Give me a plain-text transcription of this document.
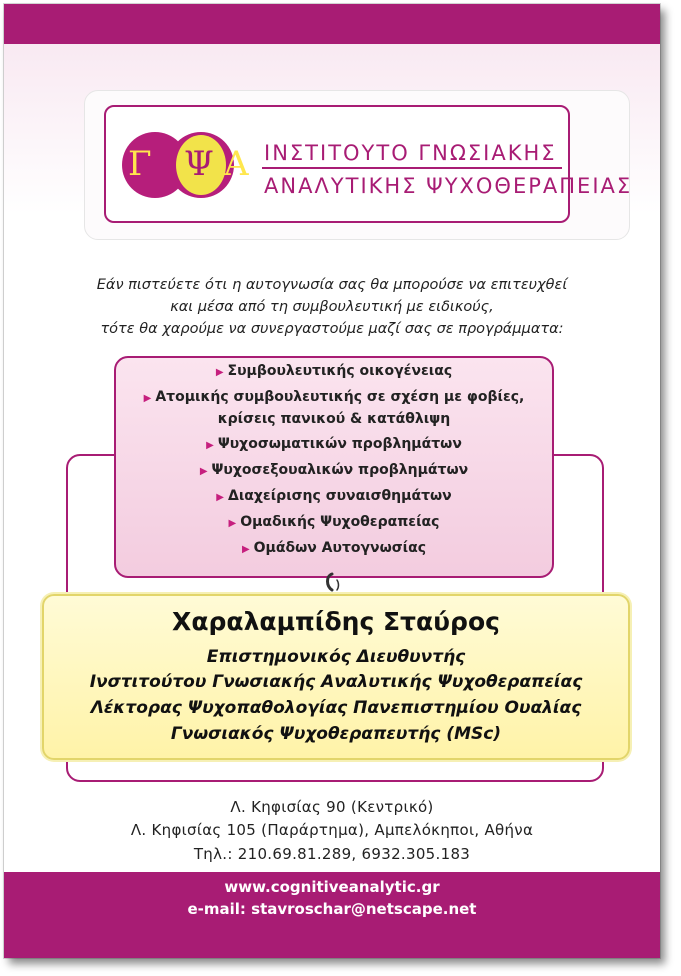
Γ Ψ Α ΙΝΣΤΙΤΟΥΤΟ ΓΝΩΣΙΑΚΗΣ
ΑΝΑΛΥΤΙΚΗΣ ΨΥΧΟΘΕΡΑΠΕΙΑΣ
Εάν πιστεύετε ότι η αυτογνωσία σας θα μπορούσε να επιτευχθεί
και μέσα από τη συμβουλευτική με ειδικούς,
τότε θα χαρούμε να συνεργαστούμε μαζί σας σε προγράμματα:
▶ Συμβουλευτικής οικογένειας
▶ Ατομικής συμβουλευτικής σε σχέση με φοβίες,
κρίσεις πανικού & κατάθλιψη
▶ Ψυχοσωματικών προβλημάτων
▶ Ψυχοσεξουαλικών προβλημάτων
▶ Διαχείρισης συναισθημάτων
▶ Ομαδικής Ψυχοθεραπείας
▶ Ομάδων Αυτογνωσίας
Χαραλαμπίδης Σταύρος
Επιστημονικός Διευθυντής
Ινστιτούτου Γνωσιακής Αναλυτικής Ψυχοθεραπείας
Λέκτορας Ψυχοπαθολογίας Πανεπιστημίου Ουαλίας
Γνωσιακός Ψυχοθεραπευτής (MSc)
Λ. Κηφισίας 90 (Κεντρικό)
Λ. Κηφισίας 105 (Παράρτημα), Αμπελόκηποι, Αθήνα
Τηλ.: 210.69.81.289, 6932.305.183
www.cognitiveanalytic.gr
e-mail: stavroschar@netscape.net
